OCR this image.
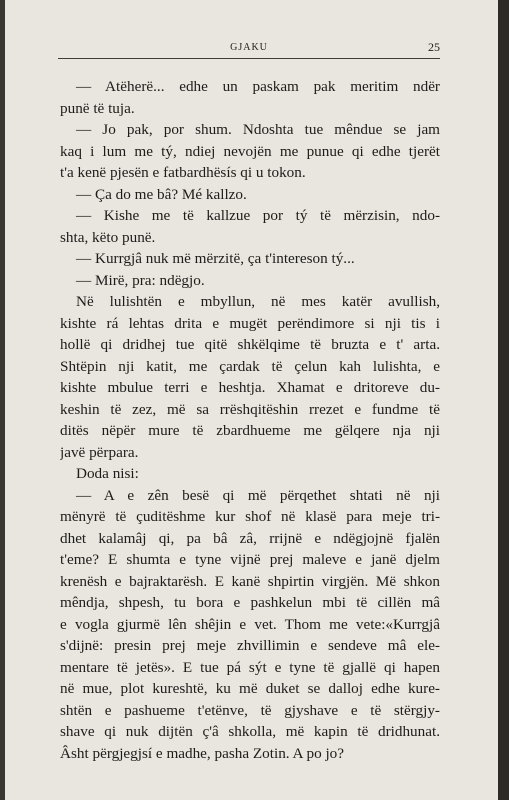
GJAKU	25
— Atëherë... edhe un paskam pak meritim ndër
punë të tuja.
— Jo pak, por shum. Ndoshta tue mêndue se jam
kaq i lum me tý, ndiej nevojën me punue qi edhe tjerët
t'a kenë pjesën e fatbardhësís qi u tokon.
— Ça do me bâ? Mé kallzo.
— Kishe me të kallzue por tý të mërzisin, ndo-
shta, këto punë.
— Kurrgjâ nuk më mërzitë, ça t'intereson tý...
— Mirë, pra: ndëgjo.
Në lulishtën e mbyllun, në mes katër avullish,
kishte rá lehtas drita e mugët perëndimore si nji tis i
hollë qi dridhej tue qitë shkëlqime të bruzta e t' arta.
Shtëpin nji katit, me çardak të çelun kah lulishta, e
kishte mbulue terri e heshtja. Xhamat e dritoreve du-
keshin të zez, më sa rrëshqitëshin rrezet e fundme të
ditës nëpër mure të zbardhueme me gëlqere nja nji
javë përpara.
Doda nisi:
— A e zên besë qi më përqethet shtati në nji
mënyrë të çuditëshme kur shof në klasë para meje tri-
dhet kalamâj qi, pa bâ zâ, rrijnë e ndëgjojnë fjalën
t'eme? E shumta e tyne vijnë prej maleve e janë djelm
krenësh e bajraktarësh. E kanë shpirtin virgjën. Më shkon
mêndja, shpesh, tu bora e pashkelun mbi të cillën mâ
e vogla gjurmë lên shêjin e vet. Thom me vete:«Kurrgjâ
s'dijnë: presin prej meje zhvillimin e sendeve mâ ele-
mentare të jetës». E tue pá sýt e tyne të gjallë qi hapen
në mue, plot kureshtë, ku më duket se dalloj edhe kure-
shtën e pashueme t'etënve, të gjyshave e të stërgjy-
shave qi nuk dijtën ç'â shkolla, më kapin të dridhunat.
Âsht përgjegjsí e madhe, pasha Zotin. A po jo?
